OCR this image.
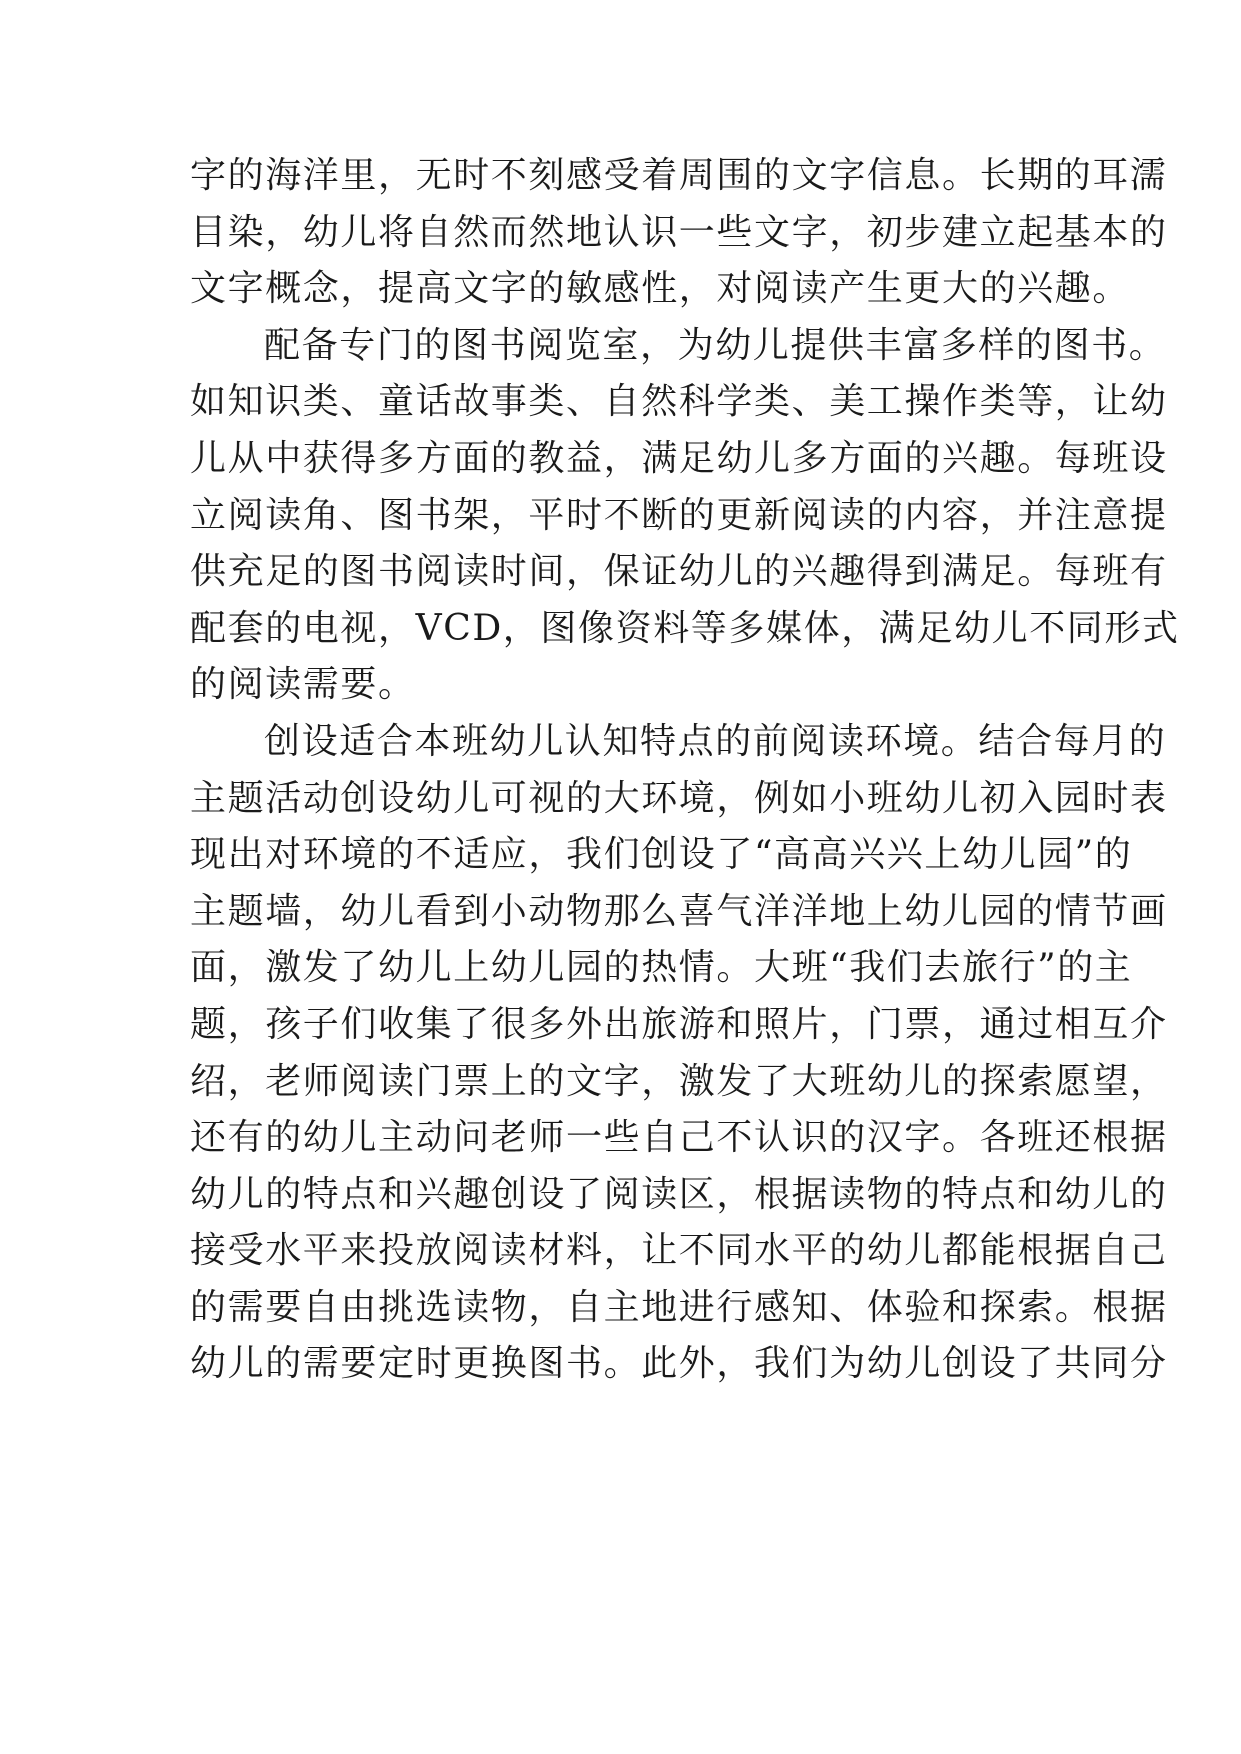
字的海洋里，无时不刻感受着周围的文字信息。长期的耳濡
目染，幼儿将自然而然地认识一些文字，初步建立起基本的
文字概念，提高文字的敏感性，对阅读产生更大的兴趣。
配备专门的图书阅览室，为幼儿提供丰富多样的图书。
如知识类、童话故事类、自然科学类、美工操作类等，让幼
儿从中获得多方面的教益，满足幼儿多方面的兴趣。每班设
立阅读角、图书架，平时不断的更新阅读的内容，并注意提
供充足的图书阅读时间，保证幼儿的兴趣得到满足。每班有
配套的电视，VCD，图像资料等多媒体，满足幼儿不同形式
的阅读需要。
创设适合本班幼儿认知特点的前阅读环境。结合每月的
主题活动创设幼儿可视的大环境，例如小班幼儿初入园时表
现出对环境的不适应，我们创设了“高高兴兴上幼儿园”的
主题墙，幼儿看到小动物那么喜气洋洋地上幼儿园的情节画
面，激发了幼儿上幼儿园的热情。大班“我们去旅行”的主
题，孩子们收集了很多外出旅游和照片，门票，通过相互介
绍，老师阅读门票上的文字，激发了大班幼儿的探索愿望，
还有的幼儿主动问老师一些自己不认识的汉字。各班还根据
幼儿的特点和兴趣创设了阅读区，根据读物的特点和幼儿的
接受水平来投放阅读材料，让不同水平的幼儿都能根据自己
的需要自由挑选读物，自主地进行感知、体验和探索。根据
幼儿的需要定时更换图书。此外，我们为幼儿创设了共同分
